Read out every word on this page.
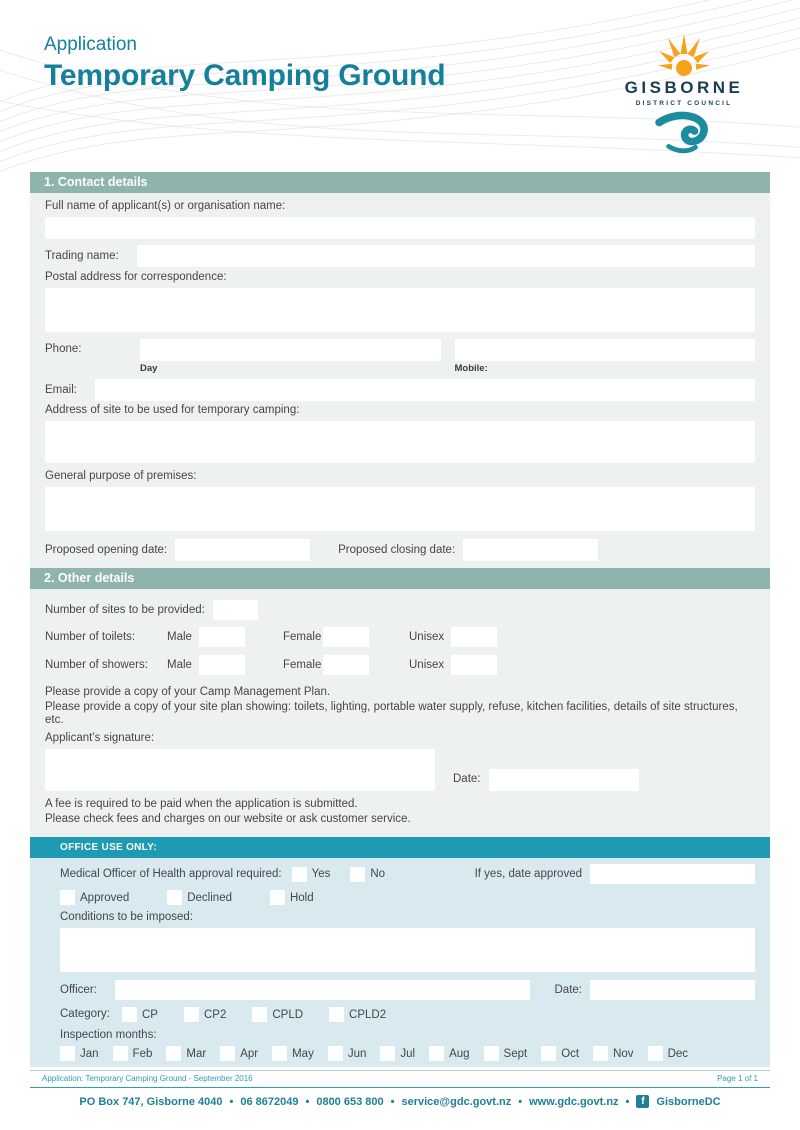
Application
Temporary Camping Ground	GISBORNE
DISTRICT COUNCIL
1. Contact details
Full name of applicant(s) or organisation name:
Trading name:
Postal address for correspondence:
Phone:
Day	Mobile:
Email:
Address of site to be used for temporary camping:
General purpose of premises:
Proposed opening date:	Proposed closing date:
2. Other details
Number of sites to be provided:
Number of toilets:	Male	Female	Unisex
Number of showers:	Male	Female	Unisex
Please provide a copy of your Camp Management Plan.
Please provide a copy of your site plan showing: toilets, lighting, portable water supply, refuse, kitchen facilities, details of site structures, etc.
Applicant’s signature:
Date:
A fee is required to be paid when the application is submitted.
Please check fees and charges on our website or ask customer service.
OFFICE USE ONLY:
Medical Officer of Health approval required:	Yes	No	If yes, date approved
Approved	Declined	Hold
Conditions to be imposed:
Officer:	Date:
Category:	CP	CP2	CPLD	CPLD2
Inspection months:
Jan	Feb	Mar	Apr	May	Jun	Jul	Aug	Sept	Oct	Nov	Dec
Application: Temporary Camping Ground - September 2016	Page 1 of 1
PO Box 747, Gisborne 4040 • 06 8672049 • 0800 653 800 • service@gdc.govt.nz • www.gdc.govt.nz •	f	GisborneDC
